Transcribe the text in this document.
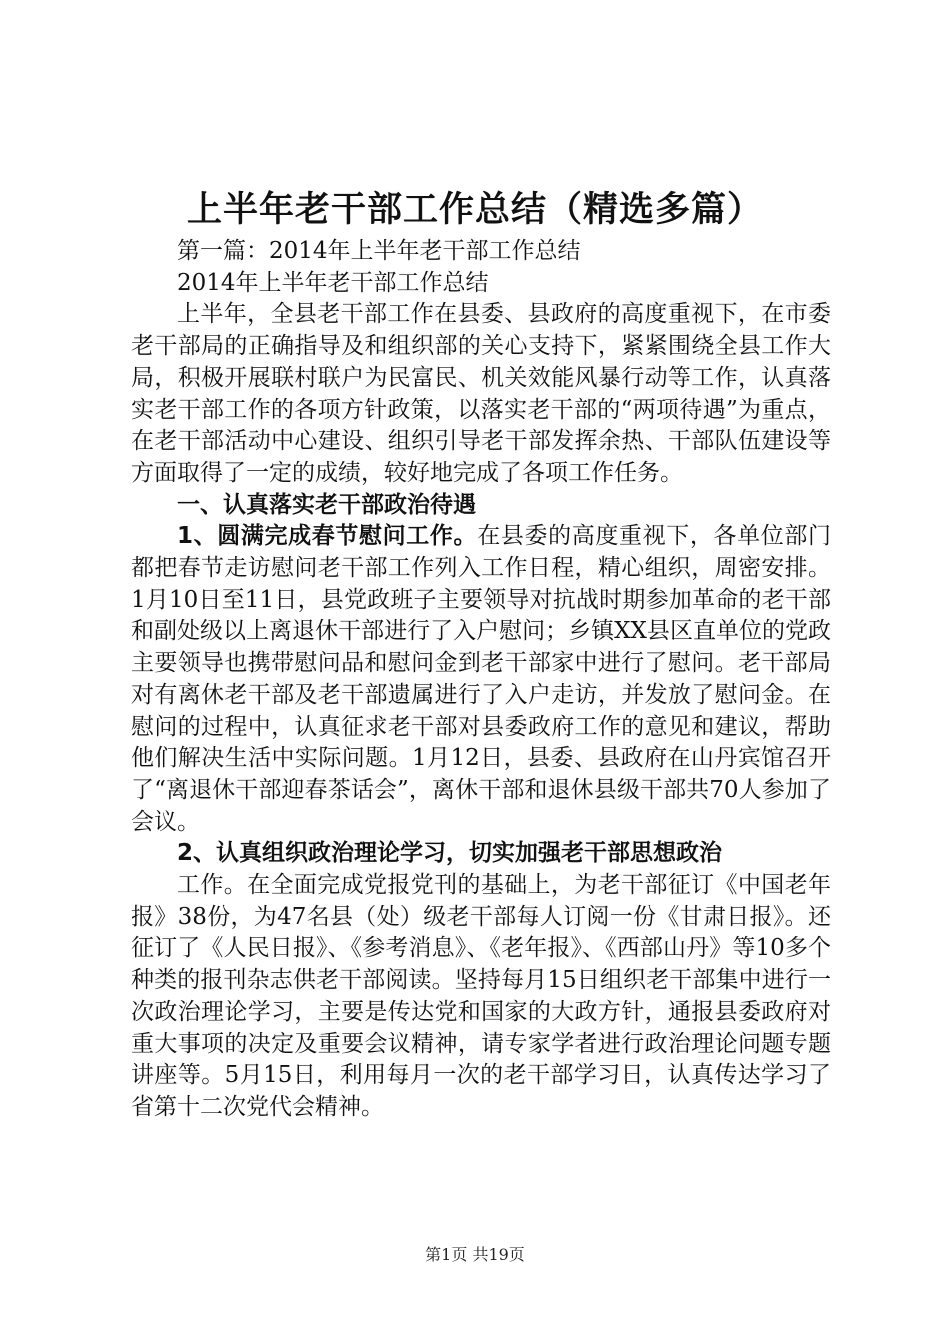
上半年老干部工作总结（精选多篇）

第一篇：2014年上半年老干部工作总结

2014年上半年老干部工作总结

上半年，全县老干部工作在县委、县政府的高度重视下，在市委老干部局的正确指导及和组织部的关心支持下，紧紧围绕全县工作大局，积极开展联村联户为民富民、机关效能风暴行动等工作，认真落实老干部工作的各项方针政策，以落实老干部的“两项待遇”为重点，在老干部活动中心建设、组织引导老干部发挥余热、干部队伍建设等方面取得了一定的成绩，较好地完成了各项工作任务。

一、认真落实老干部政治待遇

1、圆满完成春节慰问工作。在县委的高度重视下，各单位部门都把春节走访慰问老干部工作列入工作日程，精心组织，周密安排。1月10日至11日，县党政班子主要领导对抗战时期参加革命的老干部和副处级以上离退休干部进行了入户慰问；乡镇XX县区直单位的党政主要领导也携带慰问品和慰问金到老干部家中进行了慰问。老干部局对有离休老干部及老干部遗属进行了入户走访，并发放了慰问金。在慰问的过程中，认真征求老干部对县委政府工作的意见和建议，帮助他们解决生活中实际问题。1月12日，县委、县政府在山丹宾馆召开了“离退休干部迎春茶话会”，离休干部和退休县级干部共70人参加了会议。

2、认真组织政治理论学习，切实加强老干部思想政治

工作。在全面完成党报党刊的基础上，为老干部征订《中国老年报》38份，为47名县（处）级老干部每人订阅一份《甘肃日报》。还征订了《人民日报》、《参考消息》、《老年报》、《西部山丹》等10多个种类的报刊杂志供老干部阅读。坚持每月15日组织老干部集中进行一次政治理论学习，主要是传达党和国家的大政方针，通报县委政府对重大事项的决定及重要会议精神，请专家学者进行政治理论问题专题讲座等。5月15日，利用每月一次的老干部学习日，认真传达学习了省第十二次党代会精神。

第1页 共19页
